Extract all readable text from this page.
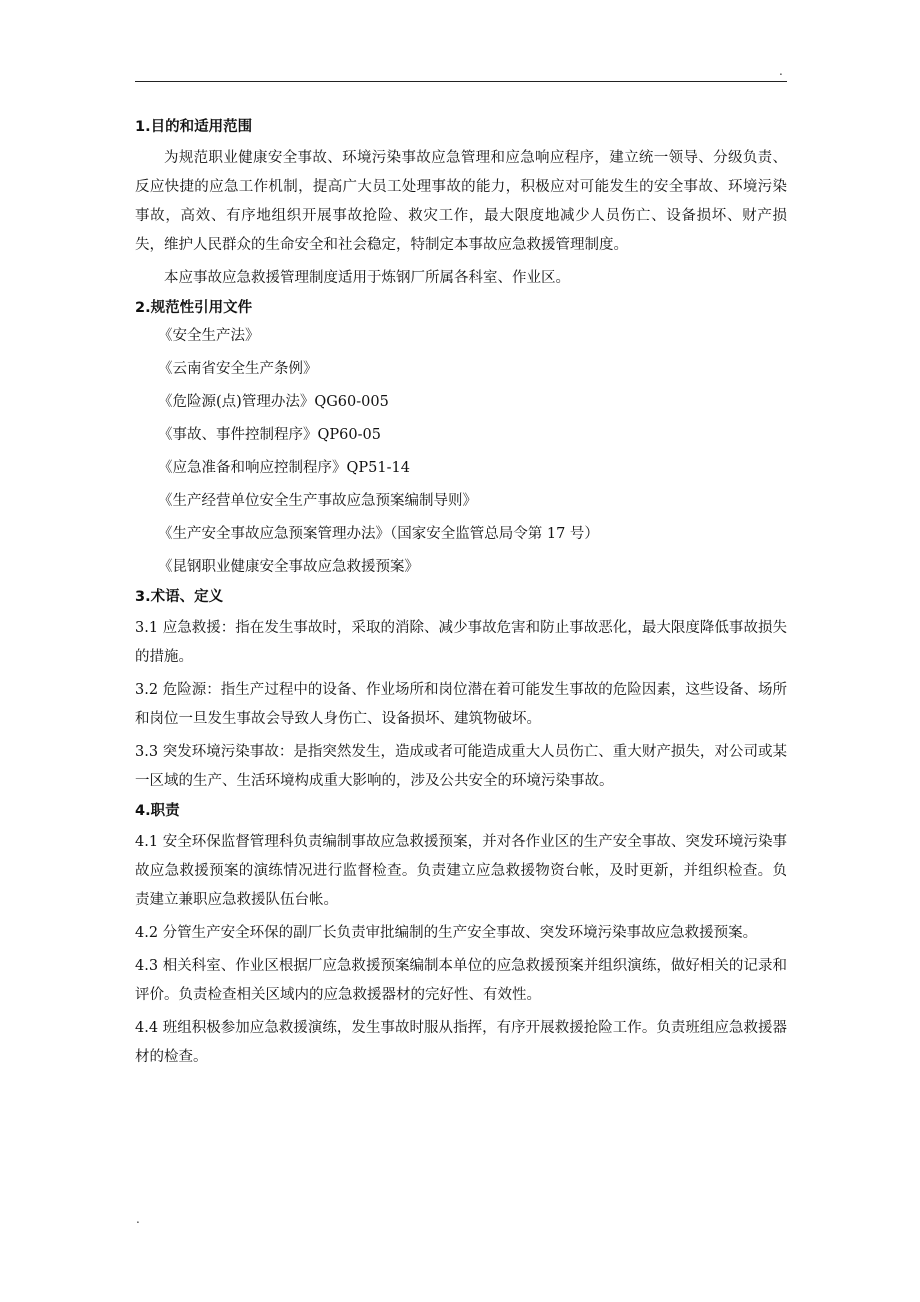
.
1.目的和适用范围

为规范职业健康安全事故、环境污染事故应急管理和应急响应程序，建立统一领导、分级负责、反应快捷的应急工作机制，提高广大员工处理事故的能力，积极应对可能发生的安全事故、环境污染事故，高效、有序地组织开展事故抢险、救灾工作，最大限度地减少人员伤亡、设备损坏、财产损失，维护人民群众的生命安全和社会稳定，特制定本事故应急救援管理制度。

本应事故应急救援管理制度适用于炼钢厂所属各科室、作业区。

2.规范性引用文件
《安全生产法》
《云南省安全生产条例》
《危险源(点)管理办法》QG60-005
《事故、事件控制程序》QP60-05
《应急准备和响应控制程序》QP51-14
《生产经营单位安全生产事故应急预案编制导则》
《生产安全事故应急预案管理办法》（国家安全监管总局令第 17 号）
《昆钢职业健康安全事故应急救援预案》
3.术语、定义

3.1 应急救援：指在发生事故时，采取的消除、减少事故危害和防止事故恶化，最大限度降低事故损失的措施。

3.2 危险源：指生产过程中的设备、作业场所和岗位潜在着可能发生事故的危险因素，这些设备、场所和岗位一旦发生事故会导致人身伤亡、设备损坏、建筑物破坏。

3.3 突发环境污染事故：是指突然发生，造成或者可能造成重大人员伤亡、重大财产损失，对公司或某一区域的生产、生活环境构成重大影响的，涉及公共安全的环境污染事故。

4.职责

4.1 安全环保监督管理科负责编制事故应急救援预案，并对各作业区的生产安全事故、突发环境污染事故应急救援预案的演练情况进行监督检查。负责建立应急救援物资台帐，及时更新，并组织检查。负责建立兼职应急救援队伍台帐。

4.2 分管生产安全环保的副厂长负责审批编制的生产安全事故、突发环境污染事故应急救援预案。

4.3 相关科室、作业区根据厂应急救援预案编制本单位的应急救援预案并组织演练，做好相关的记录和评价。负责检查相关区域内的应急救援器材的完好性、有效性。

4.4 班组积极参加应急救援演练，发生事故时服从指挥，有序开展救援抢险工作。负责班组应急救援器材的检查。

.
